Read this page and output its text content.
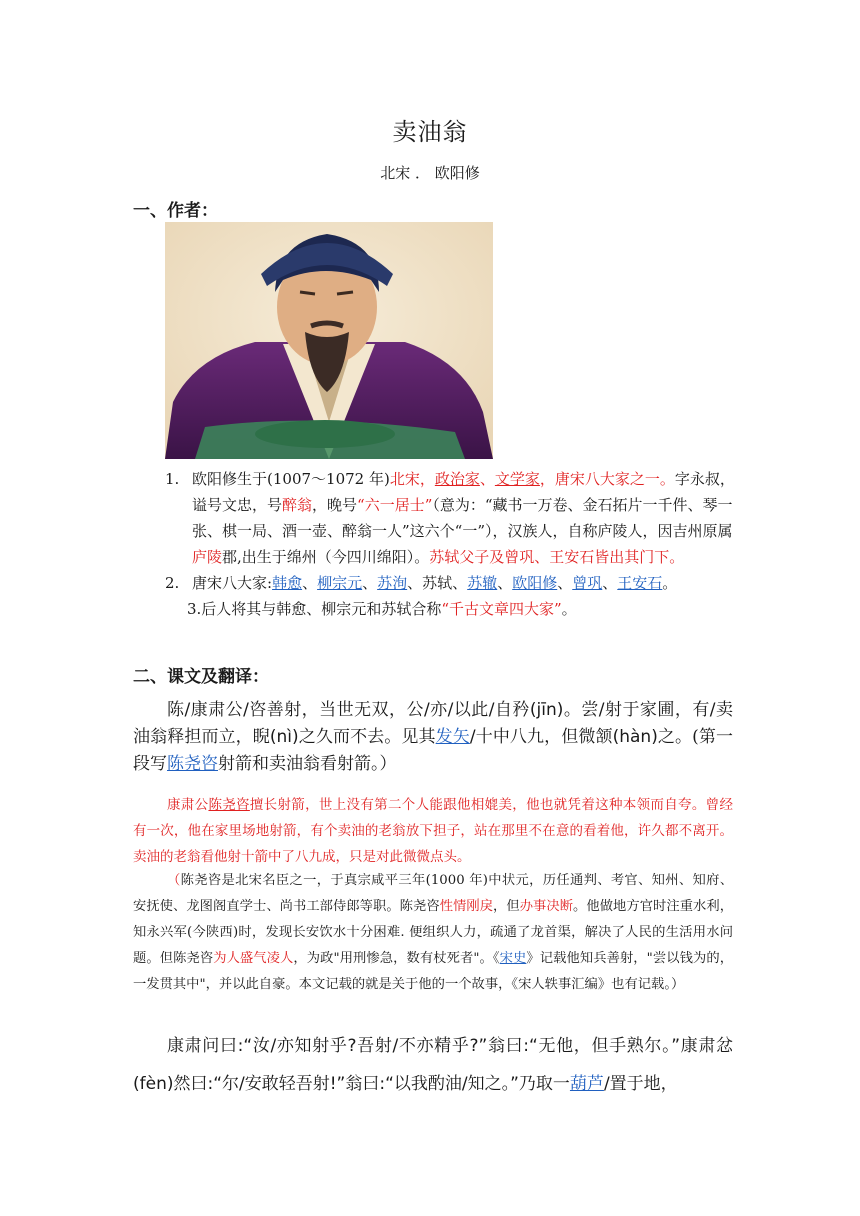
卖油翁
北宋 ． 欧阳修
一、作者：

1. 欧阳修生于(1007～1072 年)北宋，政治家、文学家，唐宋八大家之一。字永叔，谥号文忠，号醉翁，晚号“六一居士”（意为：“藏书一万卷、金石拓片一千件、琴一张、棋一局、酒一壶、醉翁一人”这六个“一”），汉族人，自称庐陵人，因吉州原属庐陵郡,出生于绵州（今四川绵阳）。苏轼父子及曾巩、王安石皆出其门下。

2. 唐宋八大家:韩愈、柳宗元、苏洵、苏轼、苏辙、欧阳修、曾巩、王安石。

3.后人将其与韩愈、柳宗元和苏轼合称“千古文章四大家”。

二、课文及翻译：
陈/康肃公/咨善射，当世无双，公/亦/以此/自矜(jīn)。尝/射于家圃，有/卖油翁释担而立，睨(nì)之久而不去。见其发矢/十中八九，但微颔(hàn)之。(第一段写陈尧咨射箭和卖油翁看射箭。）
康肃公陈尧咨擅长射箭，世上没有第二个人能跟他相媲美，他也就凭着这种本领而自夸。曾经有一次，他在家里场地射箭，有个卖油的老翁放下担子，站在那里不在意的看着他，许久都不离开。卖油的老翁看他射十箭中了八九成，只是对此微微点头。
（陈尧咨是北宋名臣之一，于真宗咸平三年(1000 年)中状元，历任通判、考官、知州、知府、安抚使、龙图阁直学士、尚书工部侍郎等职。陈尧咨性情刚戾，但办事决断。他做地方官时注重水利，知永兴军(今陕西)时，发现长安饮水十分困难. 便组织人力，疏通了龙首渠，解决了人民的生活用水问题。但陈尧咨为人盛气凌人，为政"用刑惨急，数有杖死者"。《宋史》记载他知兵善射，"尝以钱为的，一发贯其中"，并以此自豪。本文记载的就是关于他的一个故事，《宋人轶事汇编》也有记载。）
康肃问曰:“汝/亦知射乎?吾射/不亦精乎?”翁曰:“无他，但手熟尔。”康肃忿(fèn)然曰:“尔/安敢轻吾射!”翁曰:“以我酌油/知之。”乃取一葫芦/置于地，
